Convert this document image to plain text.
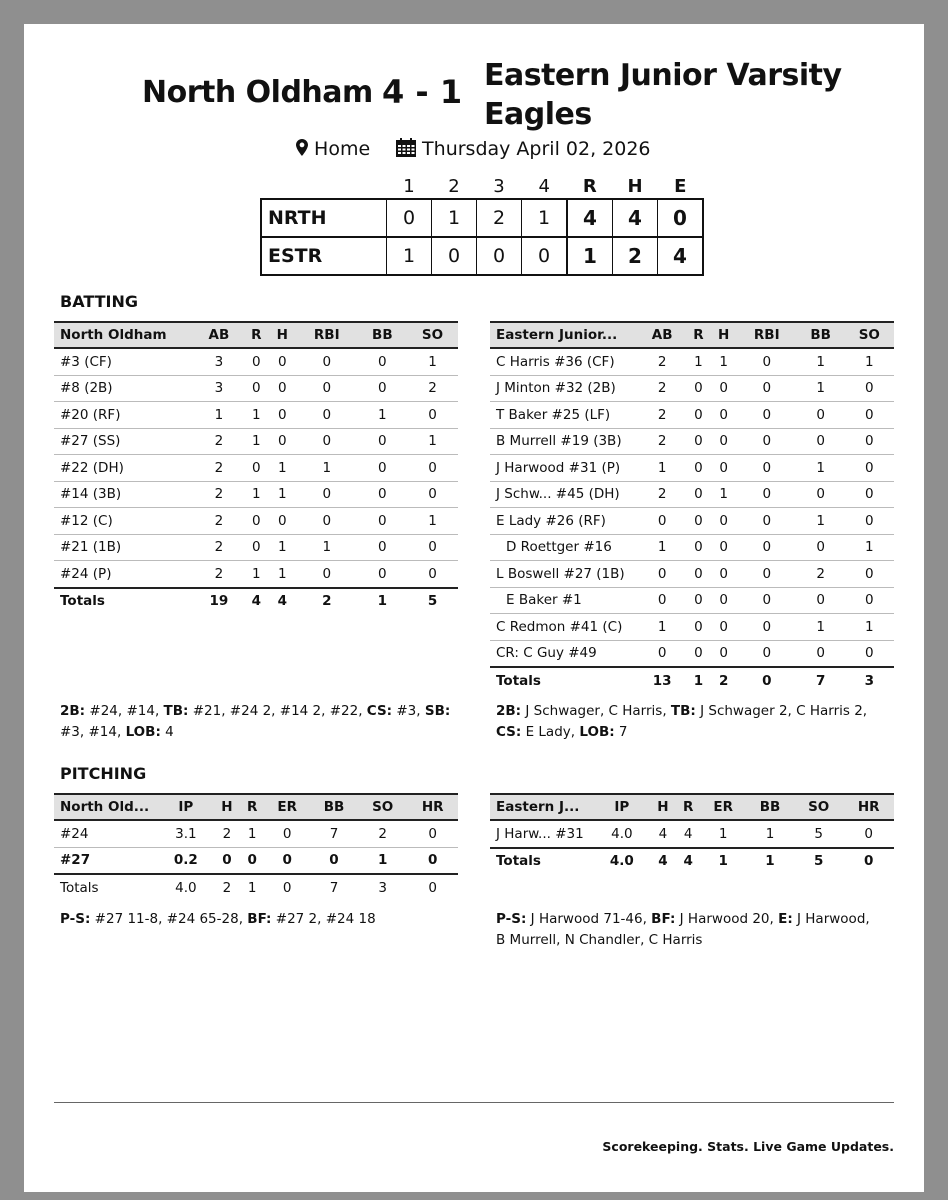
North Oldham 4 - 1 Eastern Junior Varsity
Eagles
Home	Thursday April 02, 2026
	1	2	3	4	R	H	E
NRTH	0	1	2	1	4	4	0
ESTR	1	0	0	0	1	2	4
BATTING
North Oldham	AB	R	H	RBI	BB	SO
#3 (CF)	3	0	0	0	0	1
#8 (2B)	3	0	0	0	0	2
#20 (RF)	1	1	0	0	1	0
#27 (SS)	2	1	0	0	0	1
#22 (DH)	2	0	1	1	0	0
#14 (3B)	2	1	1	0	0	0
#12 (C)	2	0	0	0	0	1
#21 (1B)	2	0	1	1	0	0
#24 (P)	2	1	1	0	0	0
Totals	19	4	4	2	1	5
Eastern Junior...	AB	R	H	RBI	BB	SO
C Harris #36 (CF)	2	1	1	0	1	1
J Minton #32 (2B)	2	0	0	0	1	0
T Baker #25 (LF)	2	0	0	0	0	0
B Murrell #19 (3B)	2	0	0	0	0	0
J Harwood #31 (P)	1	0	0	0	1	0
J Schw... #45 (DH)	2	0	1	0	0	0
E Lady #26 (RF)	0	0	0	0	1	0
D Roettger #16	1	0	0	0	0	1
L Boswell #27 (1B)	0	0	0	0	2	0
E Baker #1	0	0	0	0	0	0
C Redmon #41 (C)	1	0	0	0	1	1
CR: C Guy #49	0	0	0	0	0	0
Totals	13	1	2	0	7	3
2B: #24, #14, TB: #21, #24 2, #14 2, #22, CS: #3, SB: #3, #14, LOB: 4
2B: J Schwager, C Harris, TB: J Schwager 2, C Harris 2, CS: E Lady, LOB: 7
PITCHING
North Old...	IP	H	R	ER	BB	SO	HR
#24	3.1	2	1	0	7	2	0
#27	0.2	0	0	0	0	1	0
Totals	4.0	2	1	0	7	3	0
Eastern J...	IP	H	R	ER	BB	SO	HR
J Harw... #31	4.0	4	4	1	1	5	0
Totals	4.0	4	4	1	1	5	0
P-S: #27 11-8, #24 65-28, BF: #27 2, #24 18	P-S: J Harwood 71-46, BF: J Harwood 20, E: J Harwood, B Murrell, N Chandler, C Harris
Scorekeeping. Stats. Live Game Updates.
